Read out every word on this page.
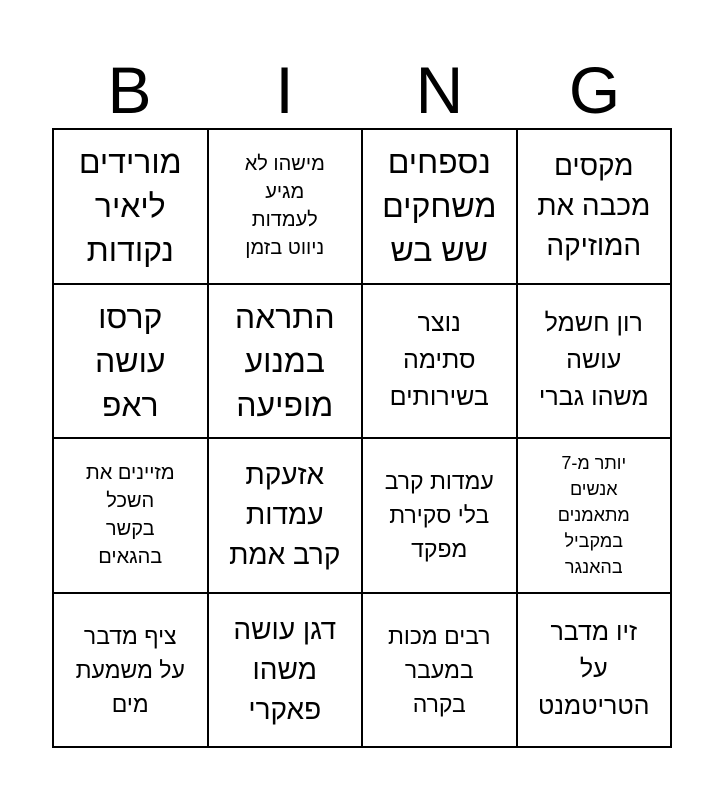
B	I	N	G
מורידים
ליאיר
נקודות
מישהו לא
מגיע
לעמדות
ניווט בזמן
נספחים
משחקים
שש בש
מקסים
מכבה את
המוזיקה
קרסו
עושה
ראפ
התראה
במנוע
מופיעה
נוצר
סתימה
בשירותים
רון חשמל
עושה
משהו גברי
מזיינים את
השכל
בקשר
בהגאים
אזעקת
עמדות
קרב אמת
עמדות קרב
בלי סקירת
מפקד
יותר מ-7
אנשים
מתאמנים
במקביל
בהאנגר
ציף מדבר
על משמעת
מים
דגן עושה
משהו
פאקרי
רבים מכות
במעבר
בקרה
זיו מדבר
על
הטריטמנט
